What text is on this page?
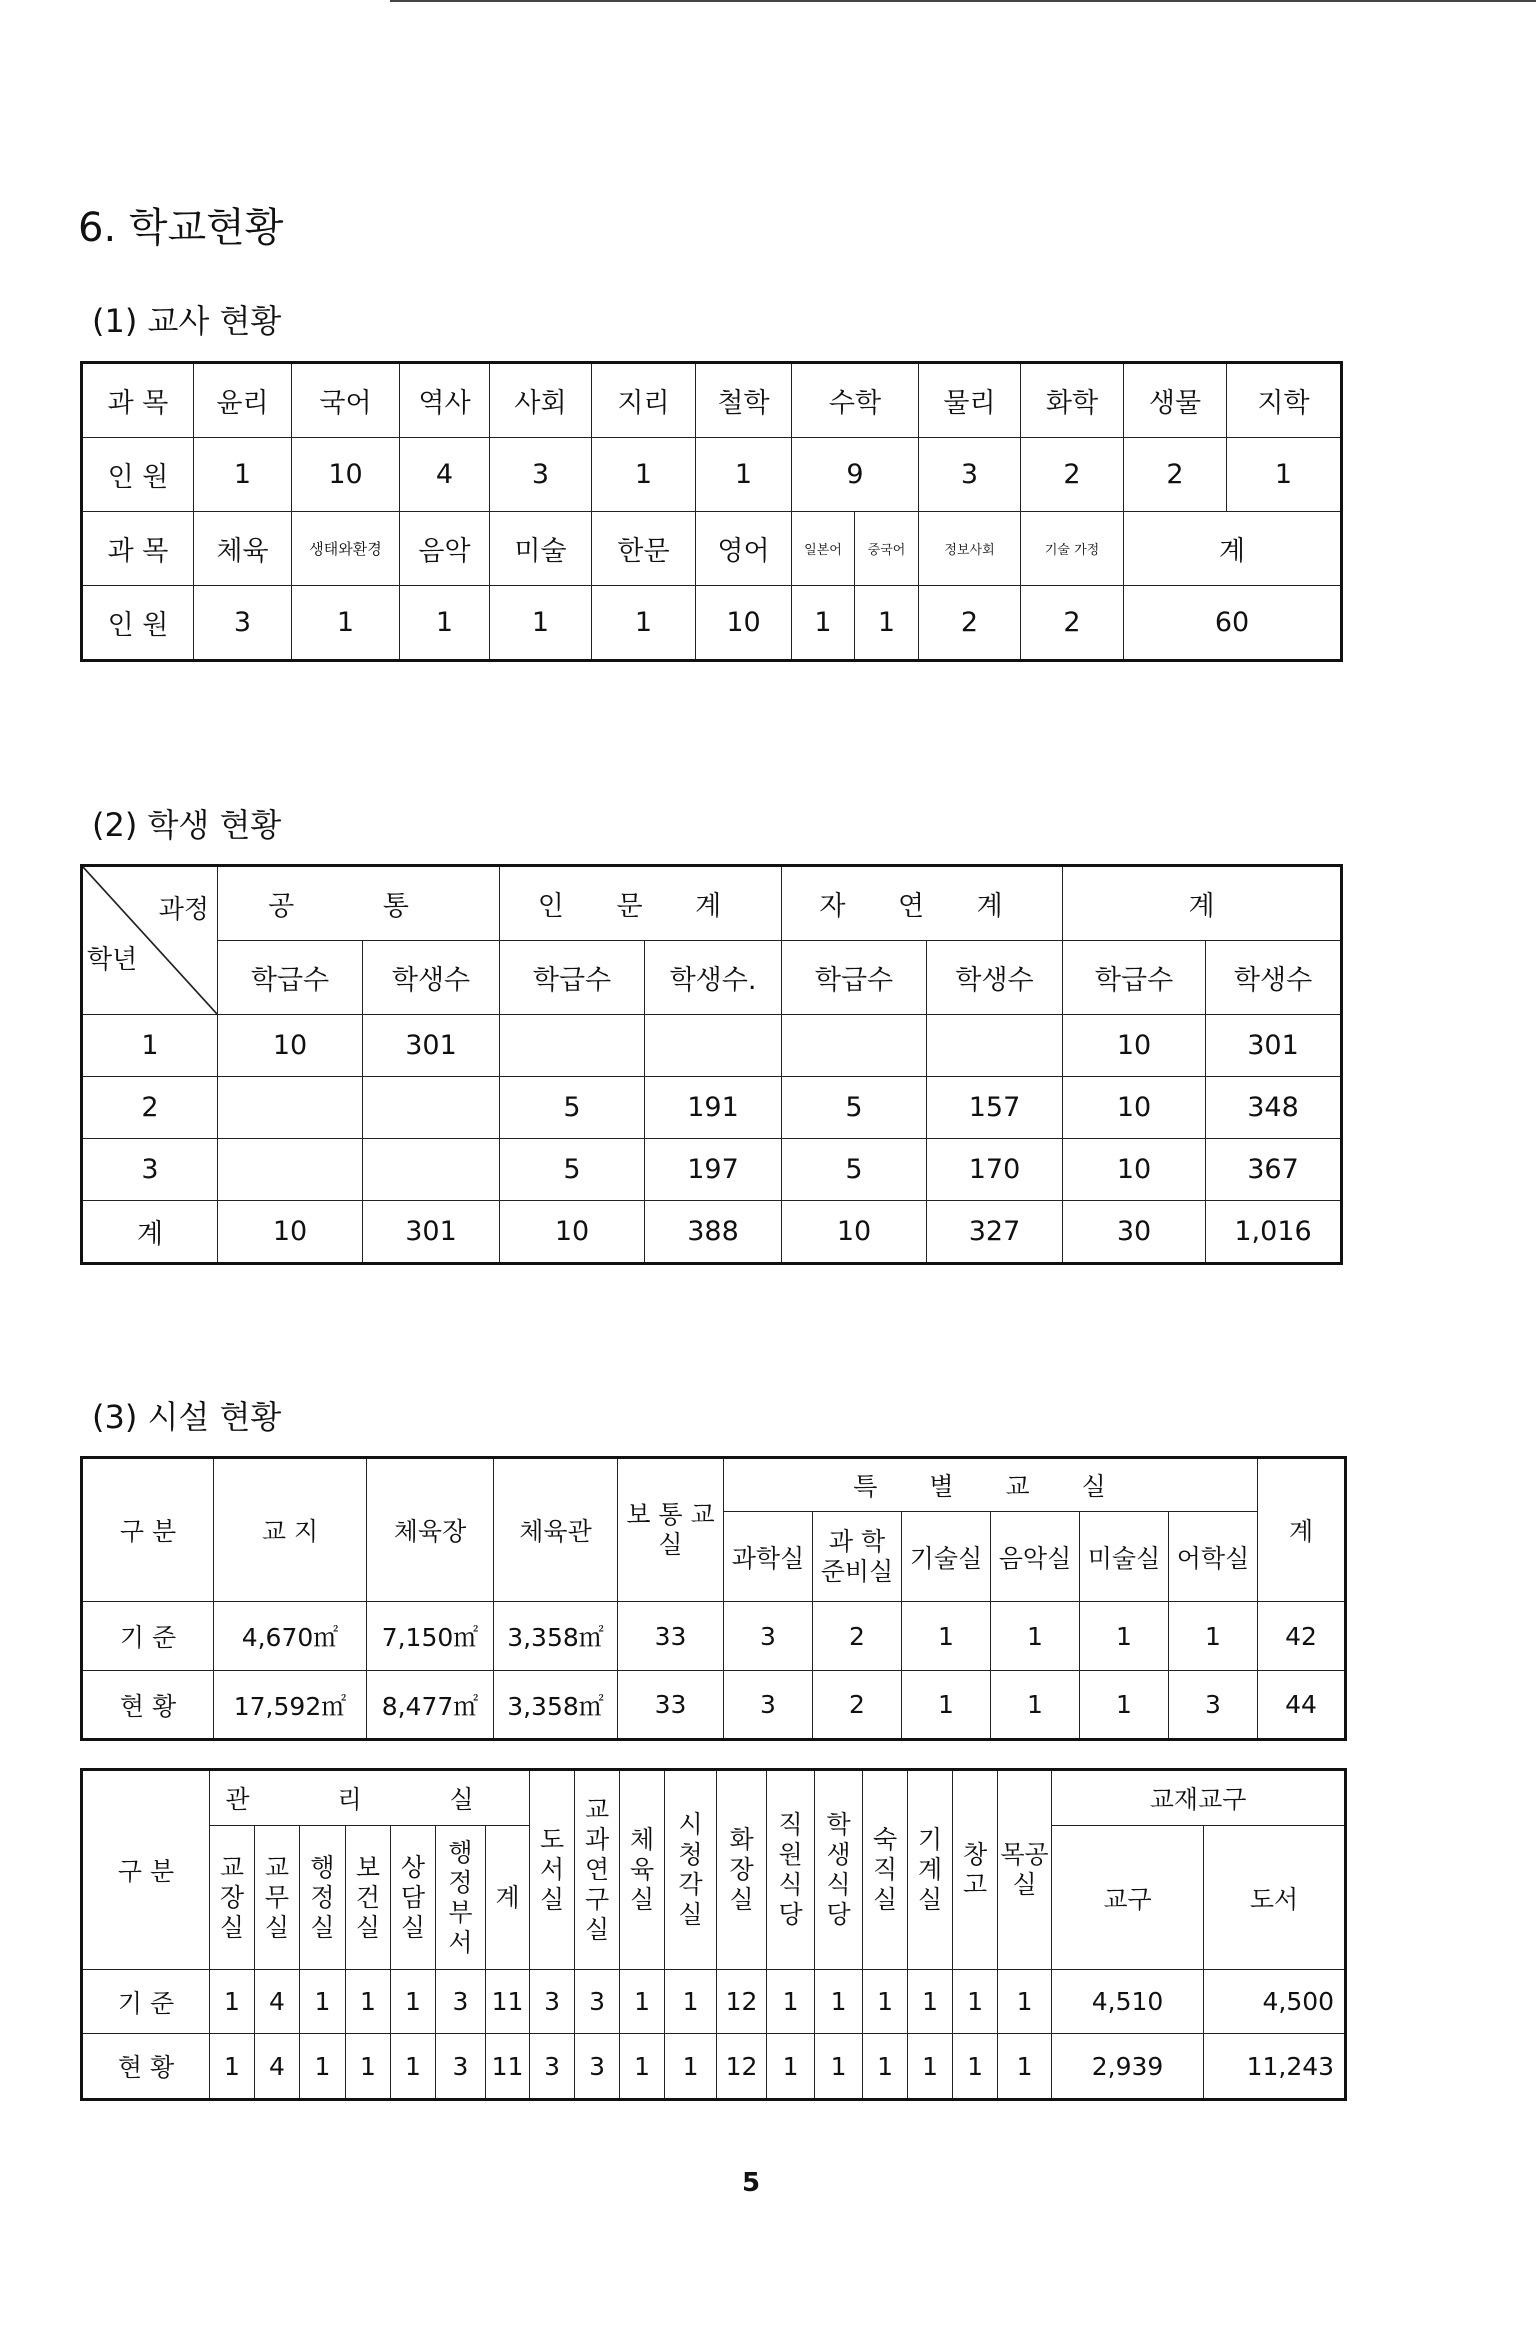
6. 학교현황
(1) 교사 현황
과 목	윤리	국어	역사	사회	지리	철학	수학		물리	화학	생물	지학
인 원	1	10	4	3	1	1	9		3	2	2	1
과 목	체육	생태와환경	음악	미술	한문	영어	일본어	중국어	정보사회	기술 가정	계	
인 원	3	1	1	1	1	10	1	1	2	2	60	
(2) 학생 현황
과정
학년	공 통		인 문 계		자 연 계		계	
	학급수	학생수	학급수	학생수.	학급수	학생수	학급수	학생수
1	10	301					10	301
2			5	191	5	157	10	348
3			5	197	5	170	10	367
계	10	301	10	388	10	327	30	1,016
(3) 시설 현황
구 분	교 지	체육장	체육관	보 통 교 실	특 별 교 실						계
					과학실	과 학 준비실	기술실	음악실	미술실	어학실	
기 준	4,670㎡	7,150㎡	3,358㎡	33	3	2	1	1	1	1	42
현 황	17,592㎡	8,477㎡	3,358㎡	33	3	2	1	1	1	3	44
구 분	관 리 실							도서실	교과연구실	체육실	시청각실	화장실	직원식당	학생식당	숙직실	기계실	창고	목공실	교재교구	
	교장실	교무실	행정실	보건실	상담실	행정부서	계												교구	도서
기 준	1	4	1	1	1	3	11	3	3	1	1	12	1	1	1	1	1	1	4,510	4,500
현 황	1	4	1	1	1	3	11	3	3	1	1	12	1	1	1	1	1	1	2,939	11,243
5
